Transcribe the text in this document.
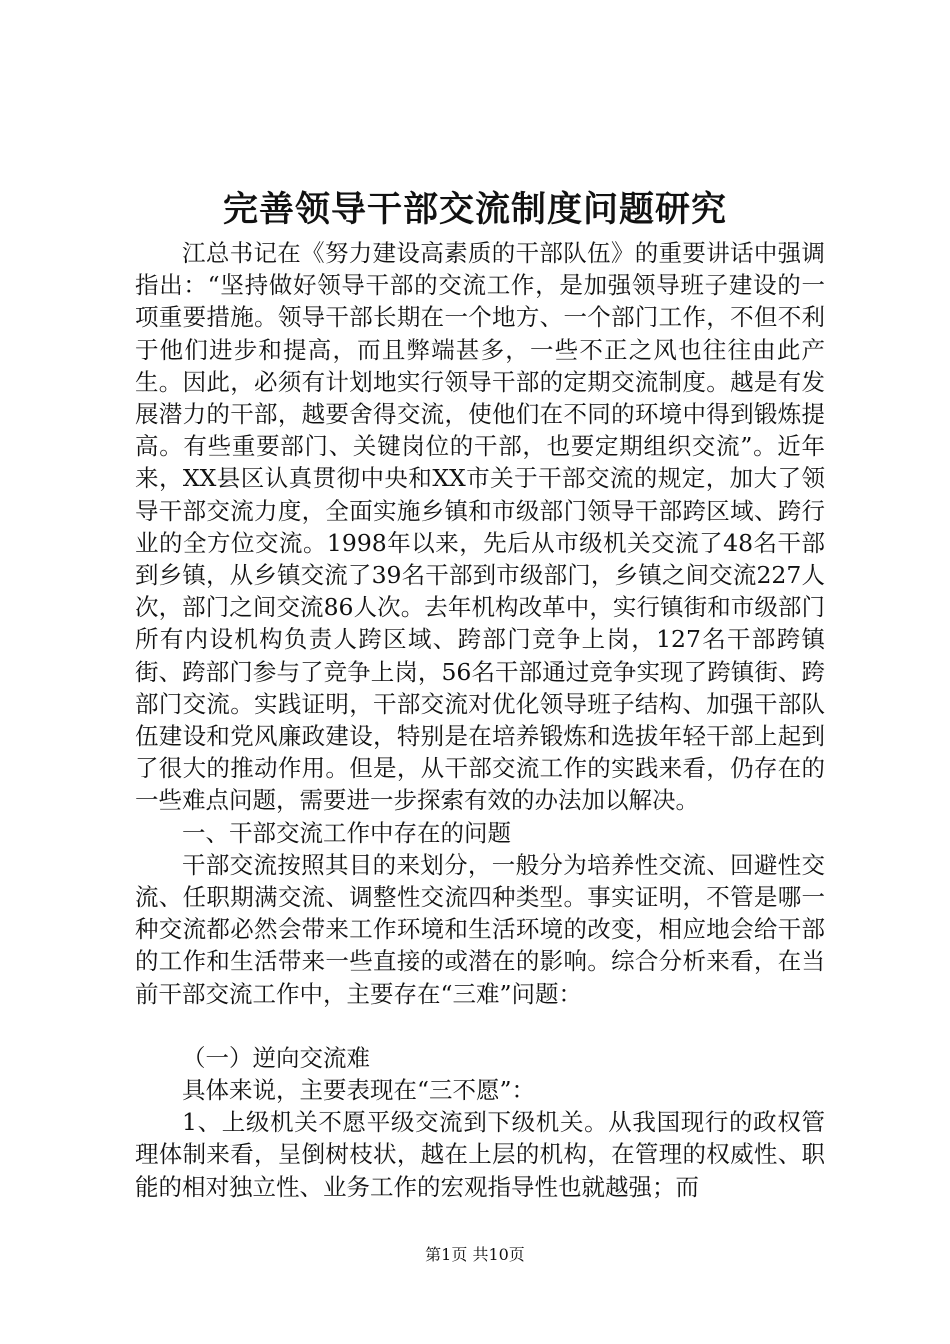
完善领导干部交流制度问题研究

江总书记在《努力建设高素质的干部队伍》的重要讲话中强调指出：“坚持做好领导干部的交流工作，是加强领导班子建设的一项重要措施。领导干部长期在一个地方、一个部门工作，不但不利于他们进步和提高，而且弊端甚多，一些不正之风也往往由此产生。因此，必须有计划地实行领导干部的定期交流制度。越是有发展潜力的干部，越要舍得交流，使他们在不同的环境中得到锻炼提高。有些重要部门、关键岗位的干部，也要定期组织交流”。近年来，XX县区认真贯彻中央和XX市关于干部交流的规定，加大了领导干部交流力度，全面实施乡镇和市级部门领导干部跨区域、跨行业的全方位交流。1998年以来，先后从市级机关交流了48名干部到乡镇，从乡镇交流了39名干部到市级部门，乡镇之间交流227人次，部门之间交流86人次。去年机构改革中，实行镇街和市级部门所有内设机构负责人跨区域、跨部门竞争上岗，127名干部跨镇街、跨部门参与了竞争上岗，56名干部通过竞争实现了跨镇街、跨部门交流。实践证明，干部交流对优化领导班子结构、加强干部队伍建设和党风廉政建设，特别是在培养锻炼和选拔年轻干部上起到了很大的推动作用。但是，从干部交流工作的实践来看，仍存在的一些难点问题，需要进一步探索有效的办法加以解决。

一、干部交流工作中存在的问题

干部交流按照其目的来划分，一般分为培养性交流、回避性交流、任职期满交流、调整性交流四种类型。事实证明，不管是哪一种交流都必然会带来工作环境和生活环境的改变，相应地会给干部的工作和生活带来一些直接的或潜在的影响。综合分析来看，在当前干部交流工作中，主要存在“三难”问题：

（一）逆向交流难

具体来说，主要表现在“三不愿”：

1、上级机关不愿平级交流到下级机关。从我国现行的政权管理体制来看，呈倒树枝状，越在上层的机构，在管理的权威性、职能的相对独立性、业务工作的宏观指导性也就越强；而

第1页 共10页
